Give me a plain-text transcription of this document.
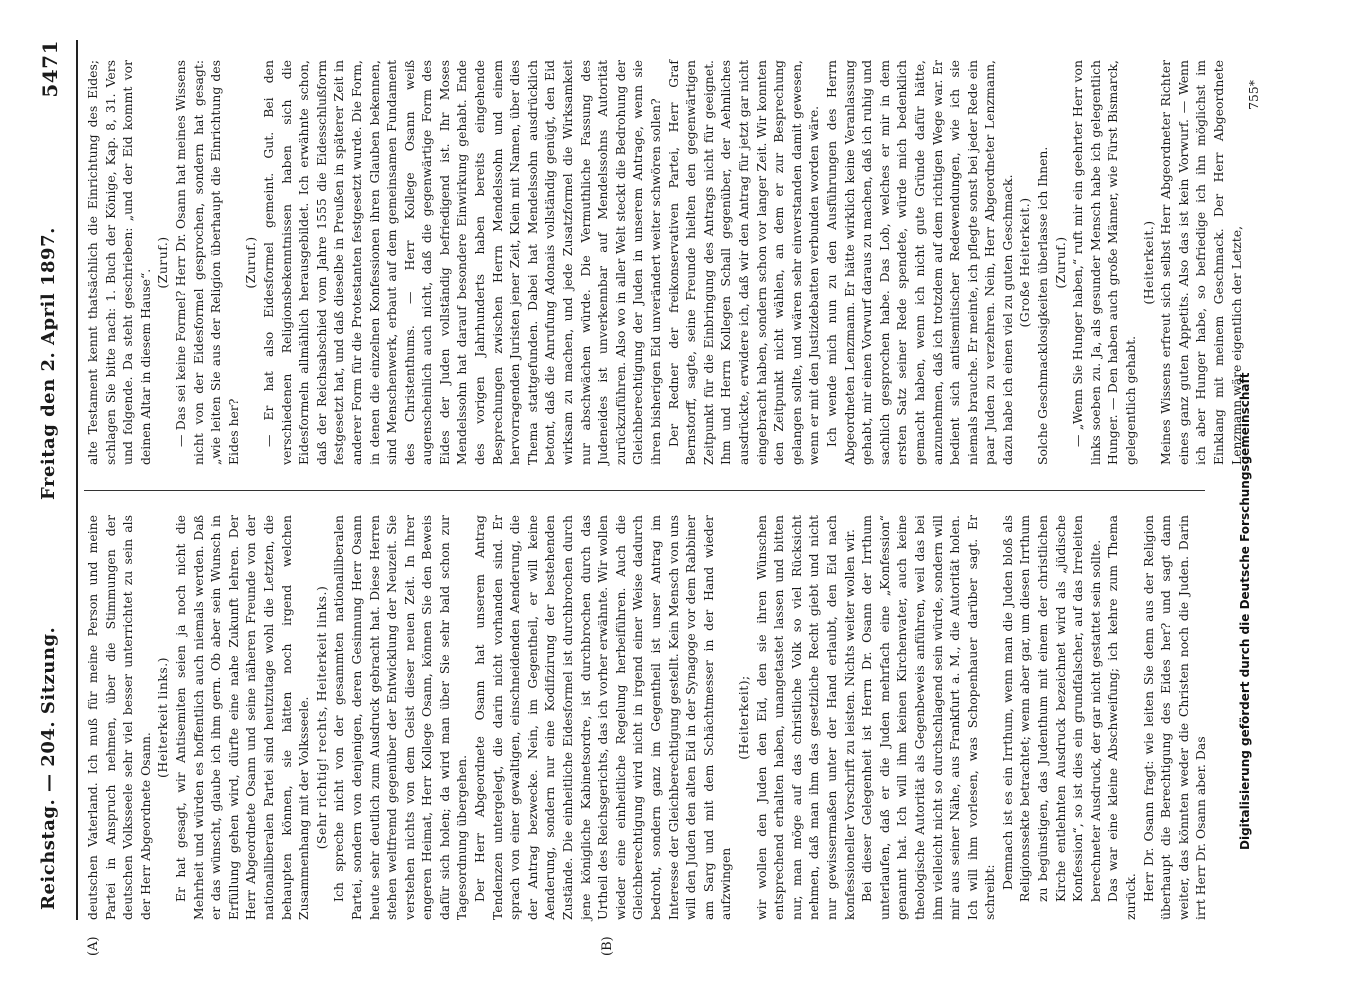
Reichstag. — 204. Sitzung.
Freitag den 2. April 1897.
5471
(A)	(B)

deutschen Vaterland. Ich muß für meine Person und meine Partei in Anspruch nehmen, über die Stimmungen der deutschen Volksseele sehr viel besser unterrichtet zu sein als der Herr Abgeordnete Osann.

(Heiterkeit links.) Er hat gesagt, wir Antisemiten seien ja noch nicht die Mehrheit und würden es hoffentlich auch niemals werden. Daß er das wünscht, glaube ich ihm gern. Ob aber sein Wunsch in Erfüllung gehen wird, dürfte eine nahe Zukunft lehren. Der Herr Abgeordnete Osann und seine näheren Freunde von der nationalliberalen Partei sind heutzutage wohl die Letzten, die behaupten können, sie hätten noch irgend welchen Zusammenhang mit der Volksseele. (Sehr richtig! rechts, Heiterkeit links.) Ich spreche nicht von der gesammten nationalliberalen Partei, sondern von denjenigen, deren Gesinnung Herr Osann heute sehr deutlich zum Ausdruck gebracht hat. Diese Herren stehen weltfremd gegenüber der Entwicklung der Neuzeit. Sie verstehen nichts von dem Geist dieser neuen Zeit. In Ihrer engeren Heimat, Herr Kollege Osann, können Sie den Beweis dafür sich holen; da wird man über Sie sehr bald schon zur Tagesordnung übergehen. Der Herr Abgeordnete Osann hat unserem Antrag Tendenzen untergelegt, die darin nicht vorhanden sind. Er sprach von einer gewaltigen, einschneidenden Aenderung, die der Antrag bezwecke. Nein, im Gegentheil, er will keine Aenderung, sondern nur eine Kodifizirung der bestehenden Zustände. Die einheitliche Eidesformel ist durchbrochen durch jene königliche Kabinetsordre, ist durchbrochen durch das Urtheil des Reichsgerichts, das ich vorher erwähnte. Wir wollen wieder eine einheitliche Regelung herbeiführen. Auch die Gleichberechtigung wird nicht in irgend einer Weise dadurch bedroht, sondern ganz im Gegentheil ist unser Antrag im Interesse der Gleichberechtigung gestellt. Kein Mensch von uns will den Juden den alten Eid in der Synagoge vor dem Rabbiner am Sarg und mit dem Schächtmesser in der Hand wieder aufzwingen

(Heiterkeit); wir wollen den Juden den Eid, den sie ihren Wünschen entsprechend erhalten haben, unangetastet lassen und bitten nur, man möge auf das christliche Volk so viel Rücksicht nehmen, daß man ihm das gesetzliche Recht giebt und nicht nur gewissermaßen unter der Hand erlaubt, den Eid nach konfessioneller Vorschrift zu leisten. Nichts weiter wollen wir. Bei dieser Gelegenheit ist Herrn Dr. Osann der Irrthum unterlaufen, daß er die Juden mehrfach eine „Konfession“ genannt hat. Ich will ihm keinen Kirchenvater, auch keine theologische Autorität als Gegenbeweis anführen, weil das bei ihm vielleicht nicht so durchschlagend sein würde, sondern will mir aus seiner Nähe, aus Frankfurt a. M., die Autorität holen. Ich will ihm vorlesen, was Schopenhauer darüber sagt. Er schreibt:

Demnach ist es ein Irrthum, wenn man die Juden bloß als Religionssekte betrachtet; wenn aber gar, um diesen Irrthum zu begünstigen, das Judenthum mit einem der christlichen Kirche entlehnten Ausdruck bezeichnet wird als „jüdische Konfession“, so ist dies ein grundfalscher, auf das Irreleiten berechneter Ausdruck, der gar nicht gestattet sein sollte. Das war eine kleine Abschweifung; ich kehre zum Thema zurück. Herr Dr. Osann fragt: wie leiten Sie denn aus der Religion überhaupt die Berechtigung des Eides her? und sagt dann weiter, das könnten weder die Christen noch die Juden. Darin irrt Herr Dr. Osann aber. Das

alte Testament kennt thatsächlich die Einrichtung des Eides; schlagen Sie bitte nach: 1. Buch der Könige, Kap. 8, 31. Vers und folgende. Da steht geschrieben: „und der Eid kommt vor deinen Altar in diesem Hause“.

(Zuruf.) — Das sei keine Formel? Herr Dr. Osann hat meines Wissens nicht von der Eidesformel gesprochen, sondern hat gesagt: „wie leiten Sie aus der Religion überhaupt die Einrichtung des Eides her?

(Zuruf.) — Er hat also Eidesformel gemeint. Gut. Bei den verschiedenen Religionsbekenntnissen haben sich die Eidesformeln allmählich herausgebildet. Ich erwähnte schon, daß der Reichsabschied vom Jahre 1555 die Eidesschlußform festgesetzt hat, und daß dieselbe in Preußen in späterer Zeit in anderer Form für die Protestanten festgesetzt wurde. Die Form, in denen die einzelnen Konfessionen ihren Glauben bekennen, sind Menschenwerk, erbaut auf dem gemeinsamen Fundament des Christenthums. — Herr Kollege Osann weiß augenscheinlich auch nicht, daß die gegenwärtige Form des Eides der Juden vollständig befriedigend ist. Ihr Moses Mendelssohn hat darauf besondere Einwirkung gehabt. Ende des vorigen Jahrhunderts haben bereits eingehende Besprechungen zwischen Herrn Mendelssohn und einem hervorragenden Juristen jener Zeit, Klein mit Namen, über dies Thema stattgefunden. Dabei hat Mendelssohn ausdrücklich betont, daß die Anrufung Adonais vollständig genügt, den Eid wirksam zu machen, und jede Zusatzformel die Wirksamkeit nur abschwächen würde. Die Vermuthliche Fassung des Judeneides ist unverkennbar auf Mendelssohns Autorität zurückzuführen. Also wo in aller Welt steckt die Bedrohung der Gleichberechtigung der Juden in unserem Antrage, wenn sie ihren bisherigen Eid unverändert weiter schwören sollen? Der Redner der freikonservativen Partei, Herr Graf Bernstorff, sagte, seine Freunde hielten den gegenwärtigen Zeitpunkt für die Einbringung des Antrags nicht für geeignet. Ihm und Herrn Kollegen Schall gegenüber, der Aehnliches ausdrückte, erwidere ich, daß wir den Antrag für jetzt gar nicht eingebracht haben, sondern schon vor langer Zeit. Wir konnten den Zeitpunkt nicht wählen, an dem er zur Besprechung gelangen sollte, und wären sehr einverstanden damit gewesen, wenn er mit den Justizdebatten verbunden worden wäre. Ich wende mich nun zu den Ausführungen des Herrn Abgeordneten Lenzmann. Er hätte wirklich keine Veranlassung gehabt, mir einen Vorwurf daraus zu machen, daß ich ruhig und sachlich gesprochen habe. Das Lob, welches er mir in dem ersten Satz seiner Rede spendete, würde mich bedenklich gemacht haben, wenn ich nicht gute Gründe dafür hätte, anzunehmen, daß ich trotzdem auf dem richtigen Wege war. Er bedient sich antisemitischer Redewendungen, wie ich sie niemals brauche. Er meinte, ich pflegte sonst bei jeder Rede ein paar Juden zu verzehren. Nein, Herr Abgeordneter Lenzmann, dazu habe ich einen viel zu guten Geschmack. (Große Heiterkeit.) Solche Geschmacklosigkeiten überlasse ich Ihnen. (Zuruf.) — „Wenn Sie Hunger haben,“ ruft mir ein geehrter Herr von links soeben zu. Ja, als gesunder Mensch habe ich gelegentlich Hunger. — Den haben auch große Männer, wie Fürst Bismarck, gelegentlich gehabt.

(Heiterkeit.) Meines Wissens erfreut sich selbst Herr Abgeordneter Richter eines ganz guten Appetits. Also das ist kein Vorwurf. — Wenn ich aber Hunger habe, so befriedige ich ihn möglichst im Einklang mit meinem Geschmack. Der Herr Abgeordnete Lenzmann wäre eigentlich der Letzte,

755*

Digitalisierung gefördert durch die Deutsche Forschungsgemeinschaft
